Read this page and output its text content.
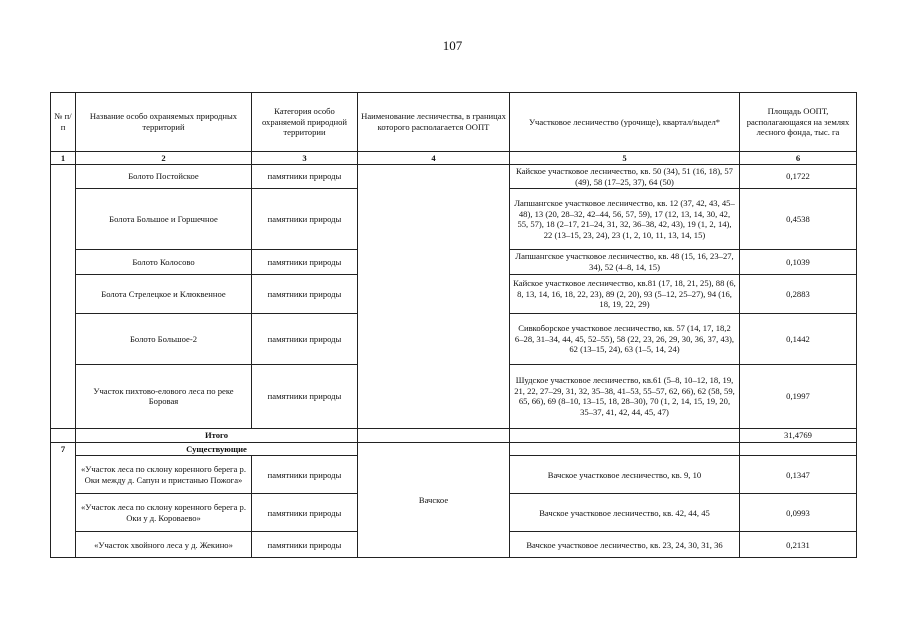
107
№ п/п	Название особо охраняемых природных территорий	Категория особо охраняемой природной территории	Наименование лесничества, в границах которого располагается ООПТ	Участковое лесничество (урочище), квартал/выдел*	Площадь ООПТ, располагающаяся на землях лесного фонда, тыс. га
1	2	3	4	5	6
	Болото Постойское	памятники природы		Кайское участковое лесничество, кв. 50 (34), 51 (16, 18), 57 (49), 58 (17–25, 37), 64 (50)	0,1722
	Болота Большое и Горшечное	памятники природы		Лапшангское участковое лесничество, кв. 12 (37, 42, 43, 45–48), 13 (20, 28–32, 42–44, 56, 57, 59), 17 (12, 13, 14, 30, 42, 55, 57), 18 (2–17, 21–24, 31, 32, 36–38, 42, 43), 19 (1, 2, 14), 22 (13–15, 23, 24), 23 (1, 2, 10, 11, 13, 14, 15)	0,4538
	Болото Колосово	памятники природы		Лапшангское участковое лесничество, кв. 48 (15, 16, 23–27, 34), 52 (4–8, 14, 15)	0,1039
	Болота Стрелецкое и Клюквенное	памятники природы		Кайское участковое лесничество, кв.81 (17, 18, 21, 25), 88 (6, 8, 13, 14, 16, 18, 22, 23), 89 (2, 20), 93 (5–12, 25–27), 94 (16, 18, 19, 22, 29)	0,2883
	Болото Большое-2	памятники природы		Сивкоборское участковое лесничество, кв. 57 (14, 17, 18,2 6–28, 31–34, 44, 45, 52–55), 58 (22, 23, 26, 29, 30, 36, 37, 43), 62 (13–15, 24), 63 (1–5, 14, 24)	0,1442
	Участок пихтово-елового леса по реке Боровая	памятники природы		Шудское участковое лесничество, кв.61 (5–8, 10–12, 18, 19, 21, 22, 27–29, 31, 32, 35–38, 41–53, 55–57, 62, 66), 62 (58, 59, 65, 66), 69 (8–10, 13–15, 18, 28–30), 70 (1, 2, 14, 15, 19, 20, 35–37, 41, 42, 44, 45, 47)	0,1997
	Итого				31,4769
7	Существующие		Вачское		
	«Участок леса по склону коренного берега р. Оки между д. Сапун и пристанью Пожога»	памятники природы		Вачское участковое лесничество, кв. 9, 10	0,1347
	«Участок леса по склону коренного берега р. Оки у д. Короваево»	памятники природы		Вачское участковое лесничество, кв. 42, 44, 45	0,0993
	«Участок хвойного леса у д. Жекино»	памятники природы		Вачское участковое лесничество, кв. 23, 24, 30, 31, 36	0,2131
